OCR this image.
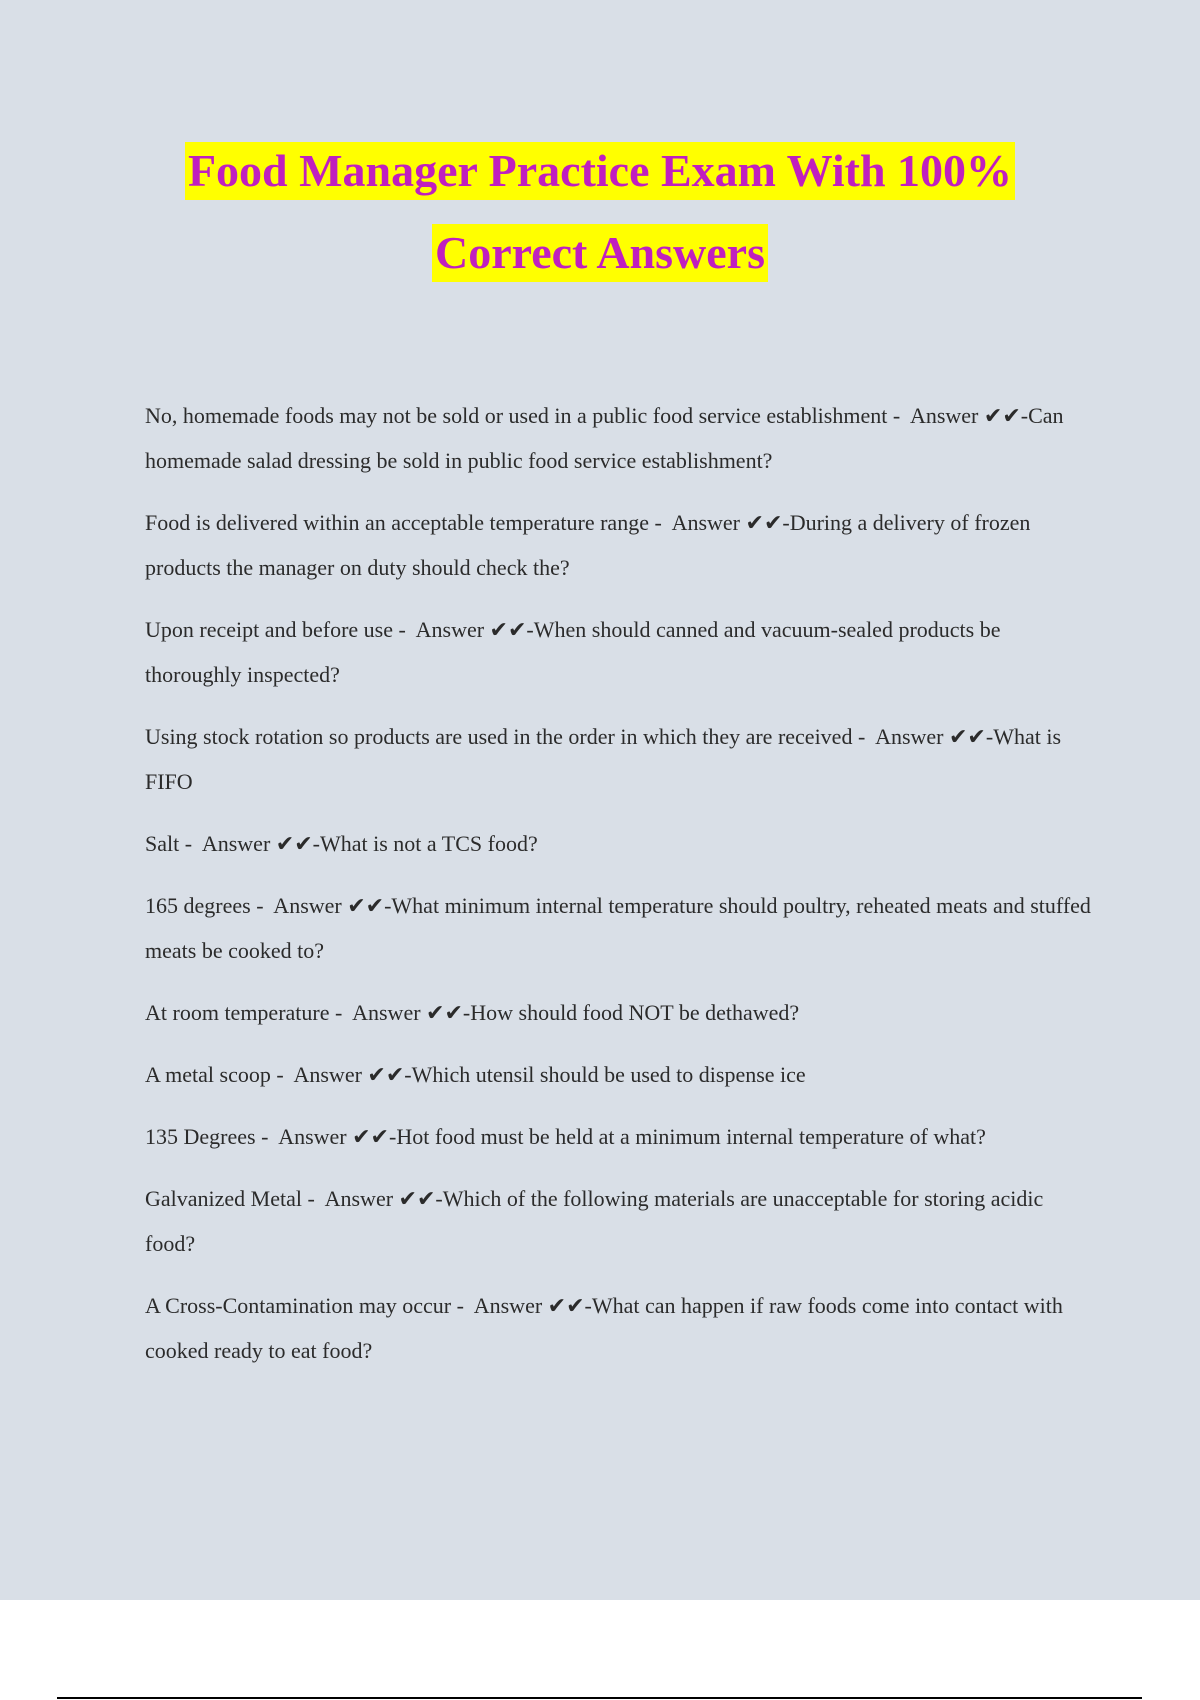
Food Manager Practice Exam With 100%
Correct Answers
No, homemade foods may not be sold or used in a public food service establishment -  Answer ✔✔-Can homemade salad dressing be sold in public food service establishment?
Food is delivered within an acceptable temperature range -  Answer ✔✔-During a delivery of frozen products the manager on duty should check the?
Upon receipt and before use -  Answer ✔✔-When should canned and vacuum-sealed products be thoroughly inspected?
Using stock rotation so products are used in the order in which they are received -  Answer ✔✔-What is FIFO
Salt -  Answer ✔✔-What is not a TCS food?
165 degrees -  Answer ✔✔-What minimum internal temperature should poultry, reheated meats and stuffed meats be cooked to?
At room temperature -  Answer ✔✔-How should food NOT be dethawed?
A metal scoop -  Answer ✔✔-Which utensil should be used to dispense ice
135 Degrees -  Answer ✔✔-Hot food must be held at a minimum internal temperature of what?
Galvanized Metal -  Answer ✔✔-Which of the following materials are unacceptable for storing acidic food?
A Cross-Contamination may occur -  Answer ✔✔-What can happen if raw foods come into contact with cooked ready to eat food?
